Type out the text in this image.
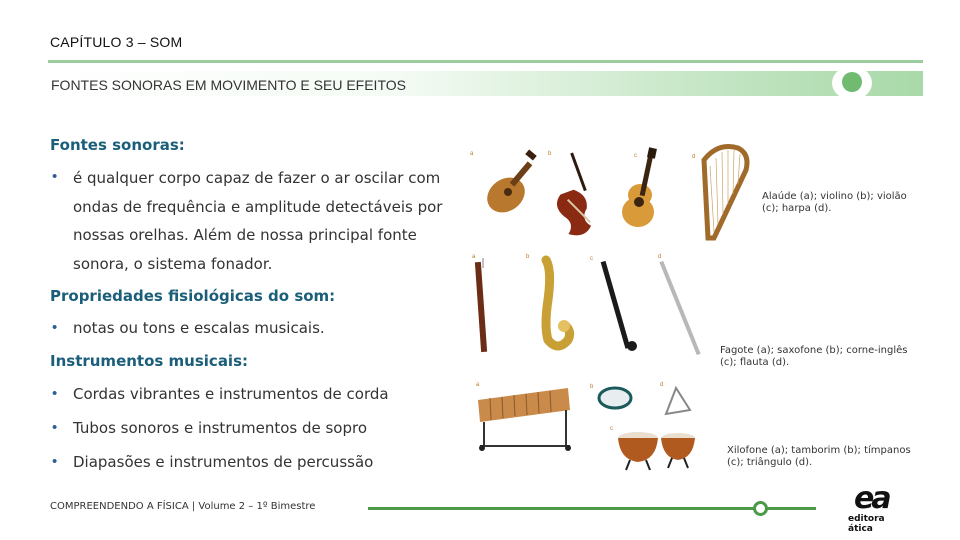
CAPÍTULO 3 – SOM
FONTES SONORAS EM MOVIMENTO E SEU EFEITOS
Fontes sonoras:
• é qualquer corpo capaz de fazer o ar oscilar com
ondas de frequência e amplitude detectáveis por
nossas orelhas. Além de nossa principal fonte
sonora, o sistema fonador.
Propriedades fisiológicas do som:
• notas ou tons e escalas musicais.
Instrumentos musicais:
• Cordas vibrantes e instrumentos de corda
• Tubos sonoros e instrumentos de sopro
• Diapasões e instrumentos de percussão
a	b	c	d
Alaúde (a); violino (b); violão
(c); harpa (d).
a	b	c	d
Fagote (a); saxofone (b); corne-inglês
(c); flauta (d).
a	b
c
d
Xilofone (a); tamborim (b); tímpanos
(c); triângulo (d).
COMPREENDENDO A FÍSICA | Volume 2 – 1º Bimestre	ea
editora ática
